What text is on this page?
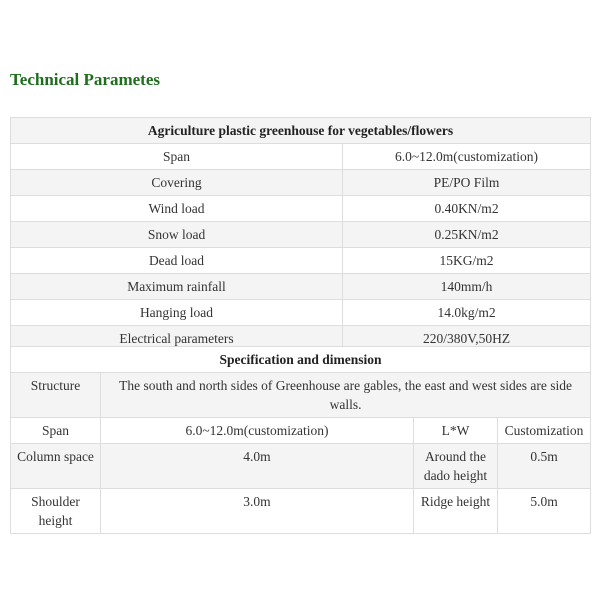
Technical Parametes
Agriculture plastic greenhouse for vegetables/flowers	
Span	6.0~12.0m(customization)
Covering	PE/PO Film
Wind load	0.40KN/m2
Snow load	0.25KN/m2
Dead load	15KG/m2
Maximum rainfall	140mm/h
Hanging load	14.0kg/m2
Electrical parameters	220/380V,50HZ
Specification and dimension			
Structure	The south and north sides of Greenhouse are gables, the east and west sides are side walls.		
Span	6.0~12.0m(customization)	L*W	Customization
Column space	4.0m	Around the dado height	0.5m
Shoulder height	3.0m	Ridge height	5.0m
